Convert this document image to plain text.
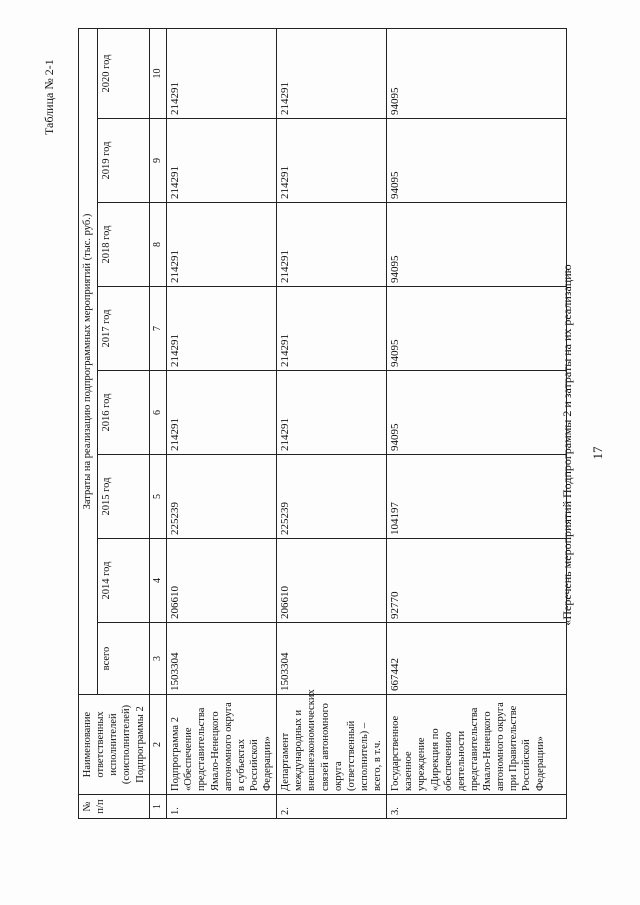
17
«Перечень мероприятий Подпрограммы 2 и затраты на их реализацию
Таблица № 2-1
№ п/п	Наименование ответственных исполнителей (соисполнителей) Подпрограммы 2	Затраты на реализацию подпрограммных мероприятий (тыс. руб.)							
		всего	2014 год	2015 год	2016 год	2017 год	2018 год	2019 год	2020 год
1	2	3	4	5	6	7	8	9	10
1.	Подпрограмма 2 «Обеспечение представительства Ямало-Ненецкого автономного округа в субъектах Российской Федерации»	1503304	206610	225239	214291	214291	214291	214291	214291
2.	Департамент международных и внешнеэкономических связей автономного округа (ответственный исполнитель) – всего, в т.ч.	1503304	206610	225239	214291	214291	214291	214291	214291
3.	Государственное казенное учреждение «Дирекция по обеспечению деятельности представительства Ямало-Ненецкого автономного округа при Правительстве Российской Федерации»	667442	92770	104197	94095	94095	94095	94095	94095
